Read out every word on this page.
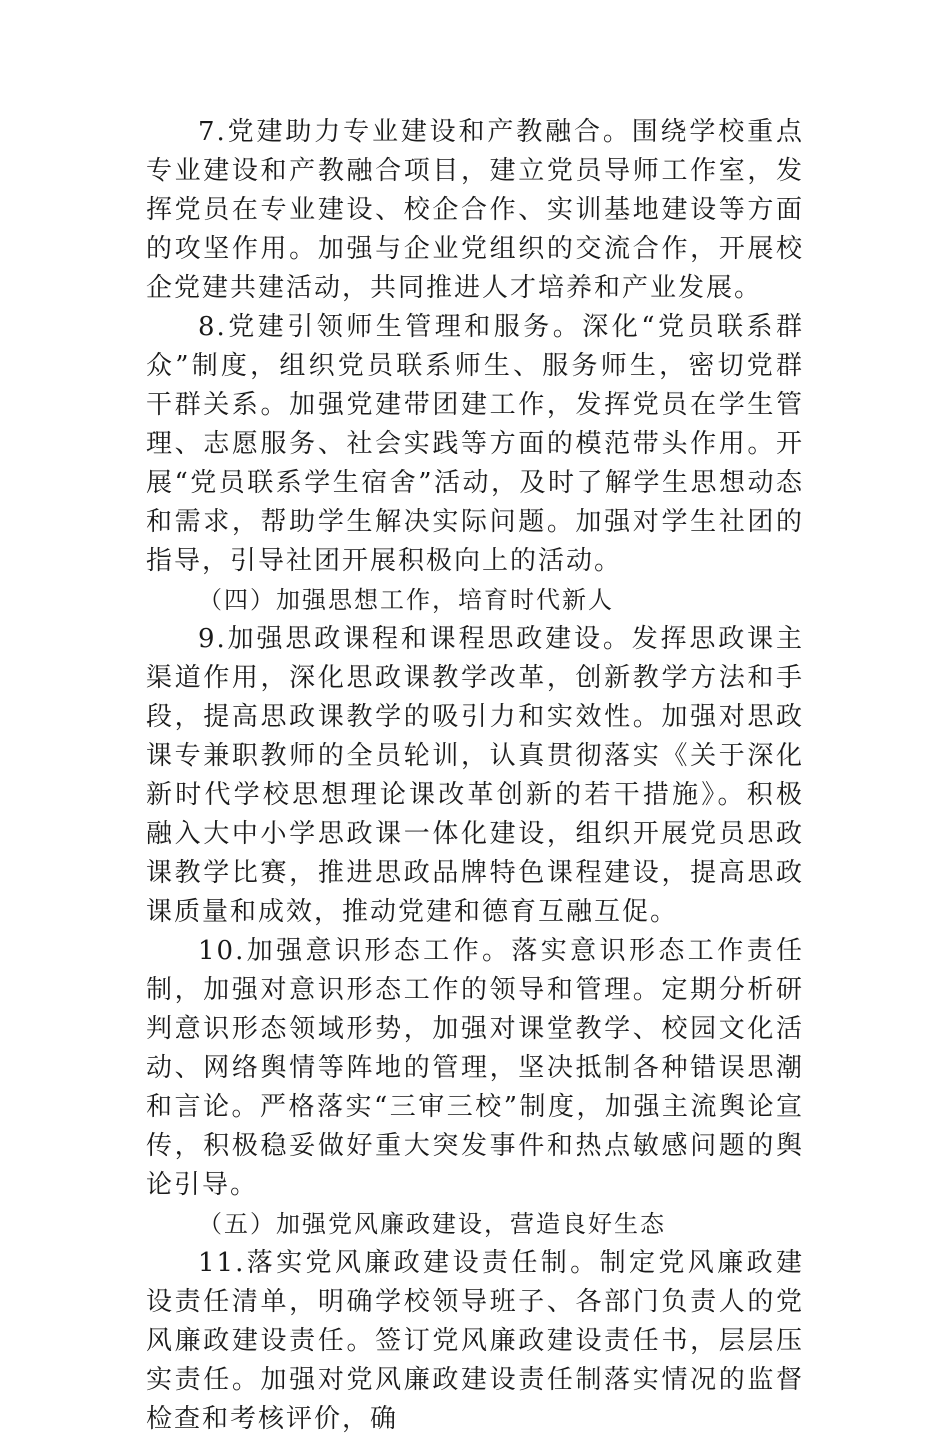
7.党建助力专业建设和产教融合。围绕学校重点专业建设和产教融合项目，建立党员导师工作室，发挥党员在专业建设、校企合作、实训基地建设等方面的攻坚作用。加强与企业党组织的交流合作，开展校企党建共建活动，共同推进人才培养和产业发展。

8.党建引领师生管理和服务。深化“党员联系群众”制度，组织党员联系师生、服务师生，密切党群干群关系。加强党建带团建工作，发挥党员在学生管理、志愿服务、社会实践等方面的模范带头作用。开展“党员联系学生宿舍”活动，及时了解学生思想动态和需求，帮助学生解决实际问题。加强对学生社团的指导，引导社团开展积极向上的活动。

（四）加强思想工作，培育时代新人

9.加强思政课程和课程思政建设。发挥思政课主渠道作用，深化思政课教学改革，创新教学方法和手段，提高思政课教学的吸引力和实效性。加强对思政课专兼职教师的全员轮训，认真贯彻落实《关于深化新时代学校思想理论课改革创新的若干措施》。积极融入大中小学思政课一体化建设，组织开展党员思政课教学比赛，推进思政品牌特色课程建设，提高思政课质量和成效，推动党建和德育互融互促。

10.加强意识形态工作。落实意识形态工作责任制，加强对意识形态工作的领导和管理。定期分析研判意识形态领域形势，加强对课堂教学、校园文化活动、网络舆情等阵地的管理，坚决抵制各种错误思潮和言论。严格落实“三审三校”制度，加强主流舆论宣传，积极稳妥做好重大突发事件和热点敏感问题的舆论引导。

（五）加强党风廉政建设，营造良好生态

11.落实党风廉政建设责任制。制定党风廉政建设责任清单，明确学校领导班子、各部门负责人的党风廉政建设责任。签订党风廉政建设责任书，层层压实责任。加强对党风廉政建设责任制落实情况的监督检查和考核评价，确
